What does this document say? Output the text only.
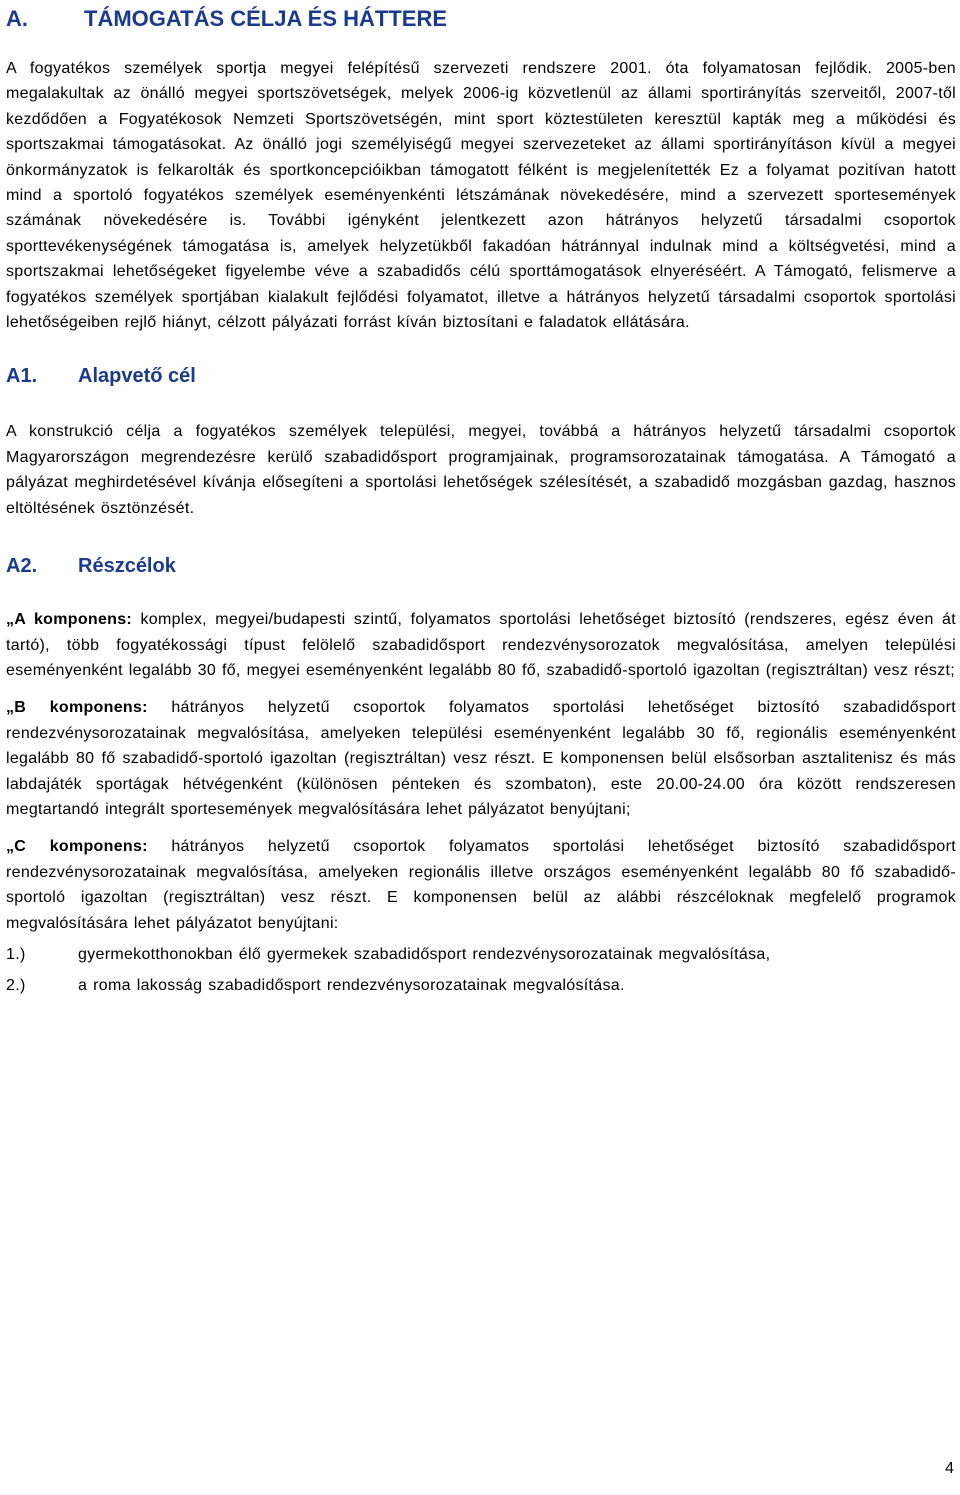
A.	TÁMOGATÁS CÉLJA ÉS HÁTTERE

A fogyatékos személyek sportja megyei felépítésű szervezeti rendszere 2001. óta folyamatosan fejlődik. 2005-ben megalakultak az önálló megyei sportszövetségek, melyek 2006-ig közvetlenül az állami sportirányítás szerveitől, 2007-től kezdődően a Fogyatékosok Nemzeti Sportszövetségén, mint sport köztestületen keresztül kapták meg a működési és sportszakmai támogatásokat. Az önálló jogi személyiségű megyei szervezeteket az állami sportirányításon kívül a megyei önkormányzatok is felkarolták és sportkoncepcióikban támogatott félként is megjelenítették Ez a folyamat pozitívan hatott mind a sportoló fogyatékos személyek eseményenkénti létszámának növekedésére, mind a szervezett sportesemények számának növekedésére is. További igényként jelentkezett azon hátrányos helyzetű társadalmi csoportok sporttevékenységének támogatása is, amelyek helyzetükből fakadóan hátránnyal indulnak mind a költségvetési, mind a sportszakmai lehetőségeket figyelembe véve a szabadidős célú sporttámogatások elnyeréséért. A Támogató, felismerve a fogyatékos személyek sportjában kialakult fejlődési folyamatot, illetve a hátrányos helyzetű társadalmi csoportok sportolási lehetőségeiben rejlő hiányt, célzott pályázati forrást kíván biztosítani e faladatok ellátására.

A1. Alapvető cél

A konstrukció célja a fogyatékos személyek települési, megyei, továbbá a hátrányos helyzetű társadalmi csoportok Magyarországon megrendezésre kerülő szabadidősport programjainak, programsorozatainak támogatása. A Támogató a pályázat meghirdetésével kívánja elősegíteni a sportolási lehetőségek szélesítését, a szabadidő mozgásban gazdag, hasznos eltöltésének ösztönzését.

A2. Részcélok

„A komponens: komplex, megyei/budapesti szintű, folyamatos sportolási lehetőséget biztosító (rendszeres, egész éven át tartó), több fogyatékossági típust felölelő szabadidősport rendezvénysorozatok megvalósítása, amelyen települési eseményenként legalább 30 fő, megyei eseményenként legalább 80 fő, szabadidő-sportoló igazoltan (regisztráltan) vesz részt;

„B komponens: hátrányos helyzetű csoportok folyamatos sportolási lehetőséget biztosító szabadidősport rendezvénysorozatainak megvalósítása, amelyeken települési eseményenként legalább 30 fő, regionális eseményenként legalább 80 fő szabadidő-sportoló igazoltan (regisztráltan) vesz részt. E komponensen belül elsősorban asztalitenisz és más labdajáték sportágak hétvégenként (különösen pénteken és szombaton), este 20.00-24.00 óra között rendszeresen megtartandó integrált sportesemények megvalósítására lehet pályázatot benyújtani;

„C komponens: hátrányos helyzetű csoportok folyamatos sportolási lehetőséget biztosító szabadidősport rendezvénysorozatainak megvalósítása, amelyeken regionális illetve országos eseményenként legalább 80 fő szabadidő-sportoló igazoltan (regisztráltan) vesz részt. E komponensen belül az alábbi részcéloknak megfelelő programok megvalósítására lehet pályázatot benyújtani:

1.)	gyermekotthonokban élő gyermekek szabadidősport rendezvénysorozatainak megvalósítása,

2.)	a roma lakosság szabadidősport rendezvénysorozatainak megvalósítása.

4
